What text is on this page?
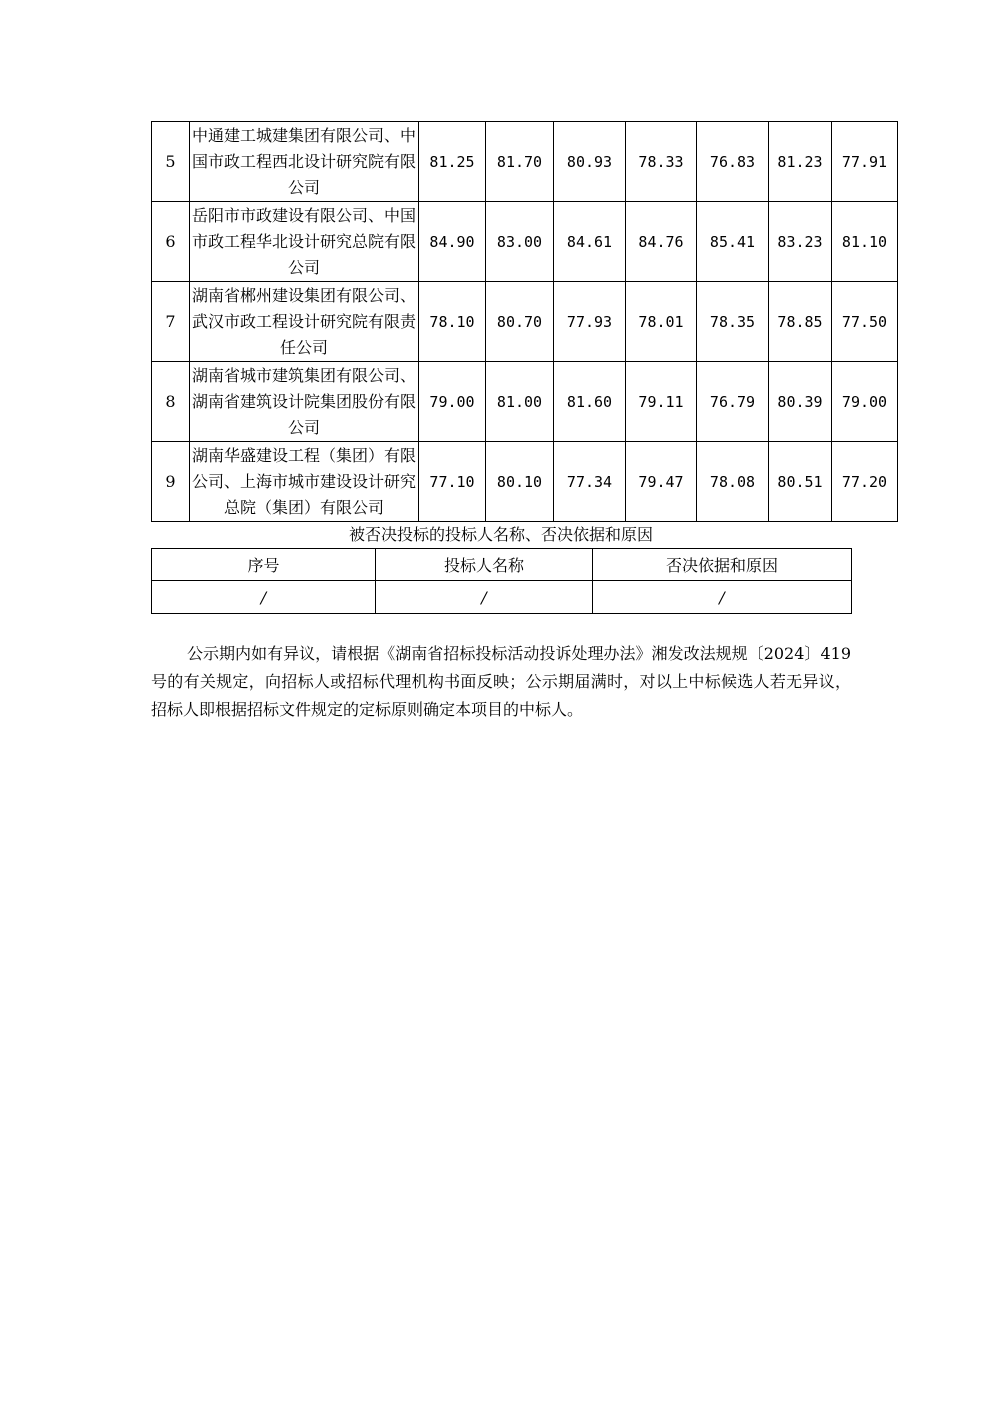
5	中通建工城建集团有限公司、中国市政工程西北设计研究院有限公司	81.25	81.70	80.93	78.33	76.83	81.23	77.91
6	岳阳市市政建设有限公司、中国市政工程华北设计研究总院有限公司	84.90	83.00	84.61	84.76	85.41	83.23	81.10
7	湖南省郴州建设集团有限公司、武汉市政工程设计研究院有限责任公司	78.10	80.70	77.93	78.01	78.35	78.85	77.50
8	湖南省城市建筑集团有限公司、湖南省建筑设计院集团股份有限公司	79.00	81.00	81.60	79.11	76.79	80.39	79.00
9	湖南华盛建设工程（集团）有限公司、上海市城市建设设计研究总院（集团）有限公司	77.10	80.10	77.34	79.47	78.08	80.51	77.20
被否决投标的投标人名称、否决依据和原因
序号	投标人名称	否决依据和原因
/	/	/

公示期内如有异议，请根据《湖南省招标投标活动投诉处理办法》湘发改法规规〔2024〕419号的有关规定，向招标人或招标代理机构书面反映；公示期届满时，对以上中标候选人若无异议，招标人即根据招标文件规定的定标原则确定本项目的中标人。
